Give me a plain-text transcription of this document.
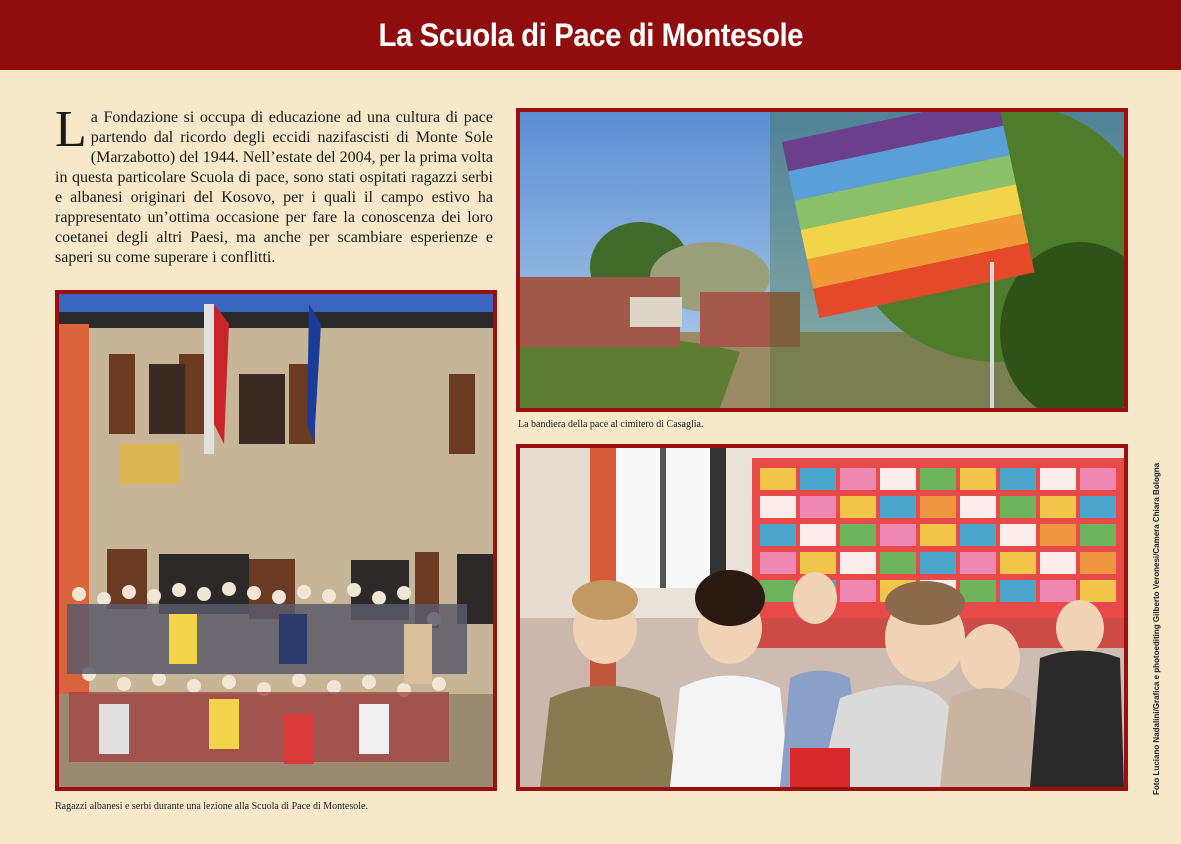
La Scuola di Pace di Montesole

La Fondazione si occupa di educazione ad una cultura di pace partendo dal ricordo degli eccidi nazifascisti di Monte Sole (Marzabotto) del 1944. Nell’estate del 2004, per la prima volta in questa particolare Scuola di pace, sono stati ospitati ragazzi serbi e albanesi originari del Kosovo, per i quali il campo estivo ha rappresentato un’ottima occasione per fare la conoscenza dei loro coetanei degli altri Paesi, ma anche per scambiare esperienze e saperi su come superare i conflitti.

La bandiera della pace al cimitero di Casaglia.

Ragazzi albanesi e serbi durante una lezione alla Scuola di Pace di Montesole.

Foto Luciano Nadalini/Grafica e photoediting Gilberto Veronesi/Camera Chiara Bologna
